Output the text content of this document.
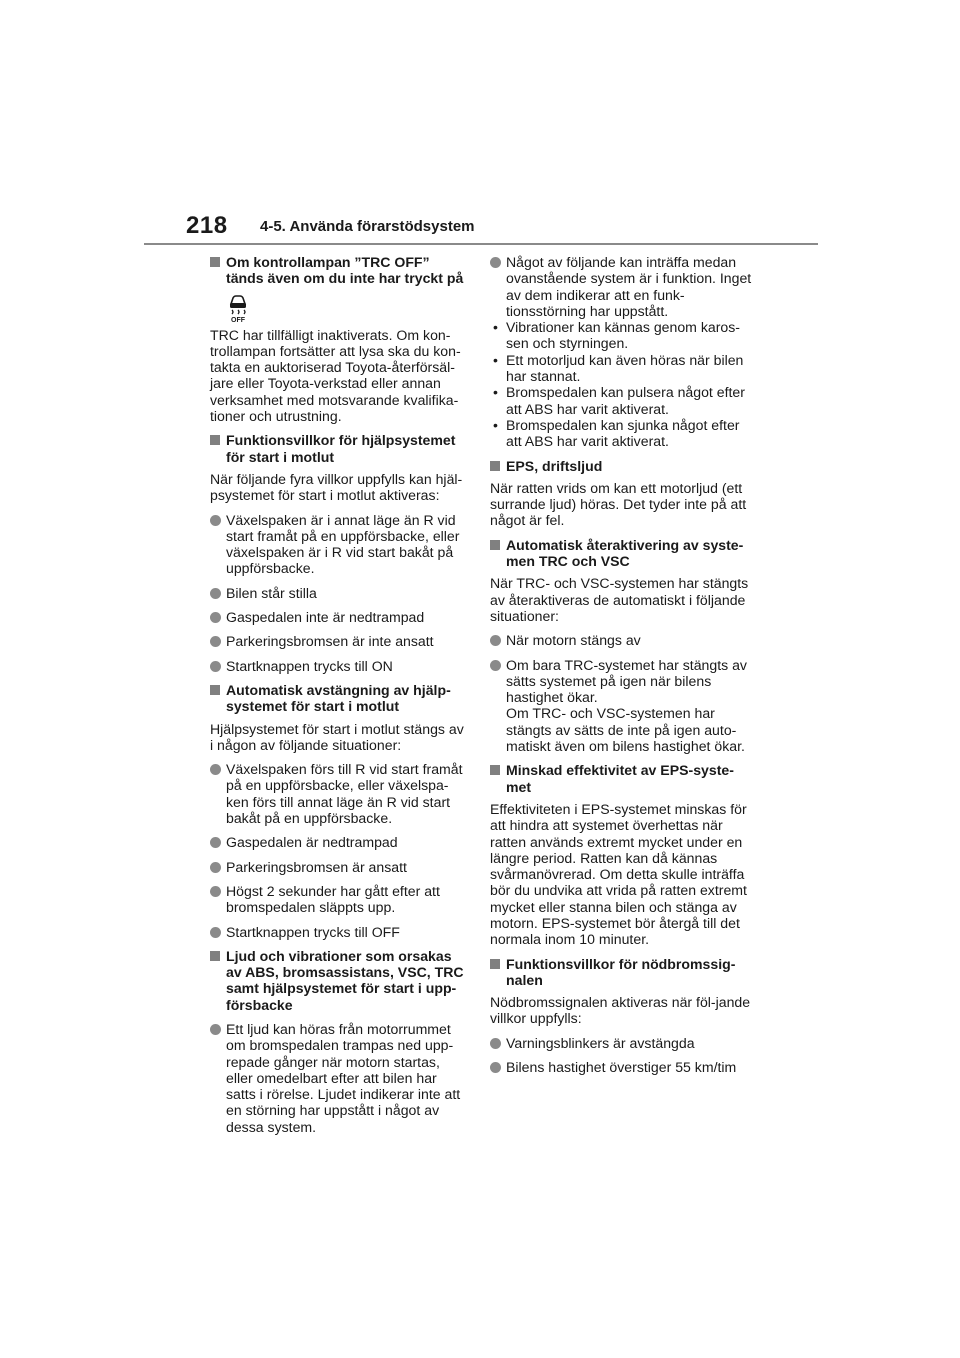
218 4-5. Använda förarstödsystem
Om kontrollampan ”TRC OFF” tänds även om du inte har tryckt på
OFF

TRC har tillfälligt inaktiverats. Om kon-trollampan fortsätter att lysa ska du kon-takta en auktoriserad Toyota-återförsäl-jare eller Toyota-verkstad eller annan verksamhet med motsvarande kvalifika-tioner och utrustning.

Funktionsvillkor för hjälpsystemet för start i motlut

När följande fyra villkor uppfylls kan hjäl-psystemet för start i motlut aktiveras:

Växelspaken är i annat läge än R vid start framåt på en uppförsbacke, eller växelspaken är i R vid start bakåt på uppförsbacke.
Bilen står stilla
Gaspedalen inte är nedtrampad
Parkeringsbromsen är inte ansatt
Startknappen trycks till ON
Automatisk avstängning av hjälp-systemet för start i motlut

Hjälpsystemet för start i motlut stängs av i någon av följande situationer:

Växelspaken förs till R vid start framåt på en uppförsbacke, eller växelspa-ken förs till annat läge än R vid start bakåt på en uppförsbacke.
Gaspedalen är nedtrampad
Parkeringsbromsen är ansatt
Högst 2 sekunder har gått efter att bromspedalen släppts upp.
Startknappen trycks till OFF
Ljud och vibrationer som orsakas av ABS, bromsassistans, VSC, TRC samt hjälpsystemet för start i upp-försbacke
Ett ljud kan höras från motorrummet om bromspedalen trampas ned upp-repade gånger när motorn startas, eller omedelbart efter att bilen har satts i rörelse. Ljudet indikerar inte att en störning har uppstått i något av dessa system.
Något av följande kan inträffa medan ovanstående system är i funktion. Inget av dem indikerar att en funk-tionsstörning har uppstått.
• Vibrationer kan kännas genom karos-sen och styrningen.
• Ett motorljud kan även höras när bilen har stannat.
• Bromspedalen kan pulsera något efter att ABS har varit aktiverat.
• Bromspedalen kan sjunka något efter att ABS har varit aktiverat.
EPS, driftsljud

När ratten vrids om kan ett motorljud (ett surrande ljud) höras. Det tyder inte på att något är fel.

Automatisk återaktivering av syste-men TRC och VSC

När TRC- och VSC-systemen har stängts av återaktiveras de automatiskt i följande situationer:

När motorn stängs av
Om bara TRC-systemet har stängts av sätts systemet på igen när bilens hastighet ökar.
Om TRC- och VSC-systemen har stängts av sätts de inte på igen auto-matiskt även om bilens hastighet ökar.
Minskad effektivitet av EPS-syste-met

Effektiviteten i EPS-systemet minskas för att hindra att systemet överhettas när ratten används extremt mycket under en längre period. Ratten kan då kännas svårmanövrerad. Om detta skulle inträffa bör du undvika att vrida på ratten extremt mycket eller stanna bilen och stänga av motorn. EPS-systemet bör återgå till det normala inom 10 minuter.

Funktionsvillkor för nödbromssig-nalen

Nödbromssignalen aktiveras när föl-jande villkor uppfylls:

Varningsblinkers är avstängda
Bilens hastighet överstiger 55 km/tim
